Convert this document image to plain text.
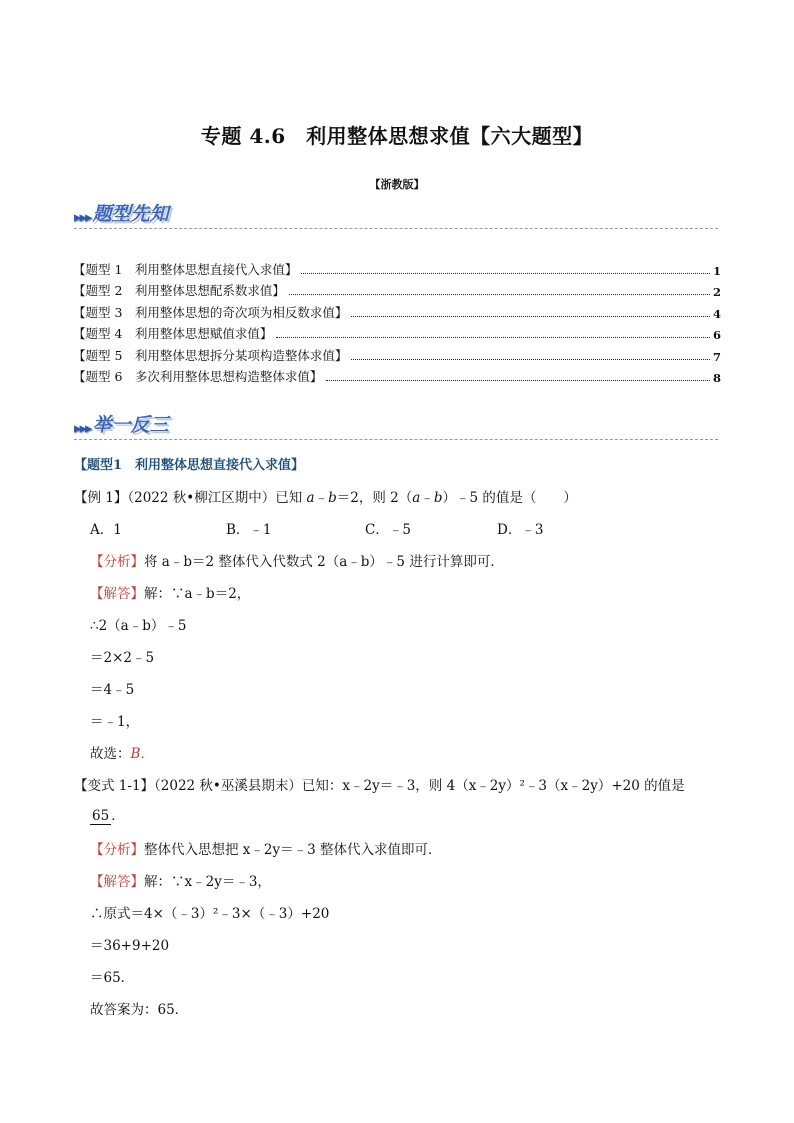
专题 4.6　利用整体思想求值【六大题型】
【浙教版】
▸▸▸ 题型先知
【题型 1　利用整体思想直接代入求值】	1
【题型 2　利用整体思想配系数求值】	2
【题型 3　利用整体思想的奇次项为相反数求值】	4
【题型 4　利用整体思想赋值求值】	6
【题型 5　利用整体思想拆分某项构造整体求值】	7
【题型 6　多次利用整体思想构造整体求值】	8
▸▸▸ 举一反三
【题型1　利用整体思想直接代入求值】
【例 1】（2022 秋•柳江区期中）已知 a﹣b＝2，则 2（a﹣b）﹣5 的值是（　　）
A．1	B．﹣1	C．﹣5	D．﹣3
【分析】将 a﹣b＝2 整体代入代数式 2（a﹣b）﹣5 进行计算即可．
【解答】解：∵a﹣b＝2，
∴2（a﹣b）﹣5
＝2×2﹣5
＝4﹣5
＝﹣1，
故选：B．
【变式 1-1】（2022 秋•巫溪县期末）已知：x﹣2y＝﹣3，则 4（x﹣2y）²﹣3（x﹣2y）+20 的值是
65 ．
【分析】整体代入思想把 x﹣2y＝﹣3 整体代入求值即可．
【解答】解：∵x﹣2y＝﹣3，
∴原式＝4×（﹣3）²﹣3×（﹣3）+20
＝36+9+20
＝65．
故答案为：65．
